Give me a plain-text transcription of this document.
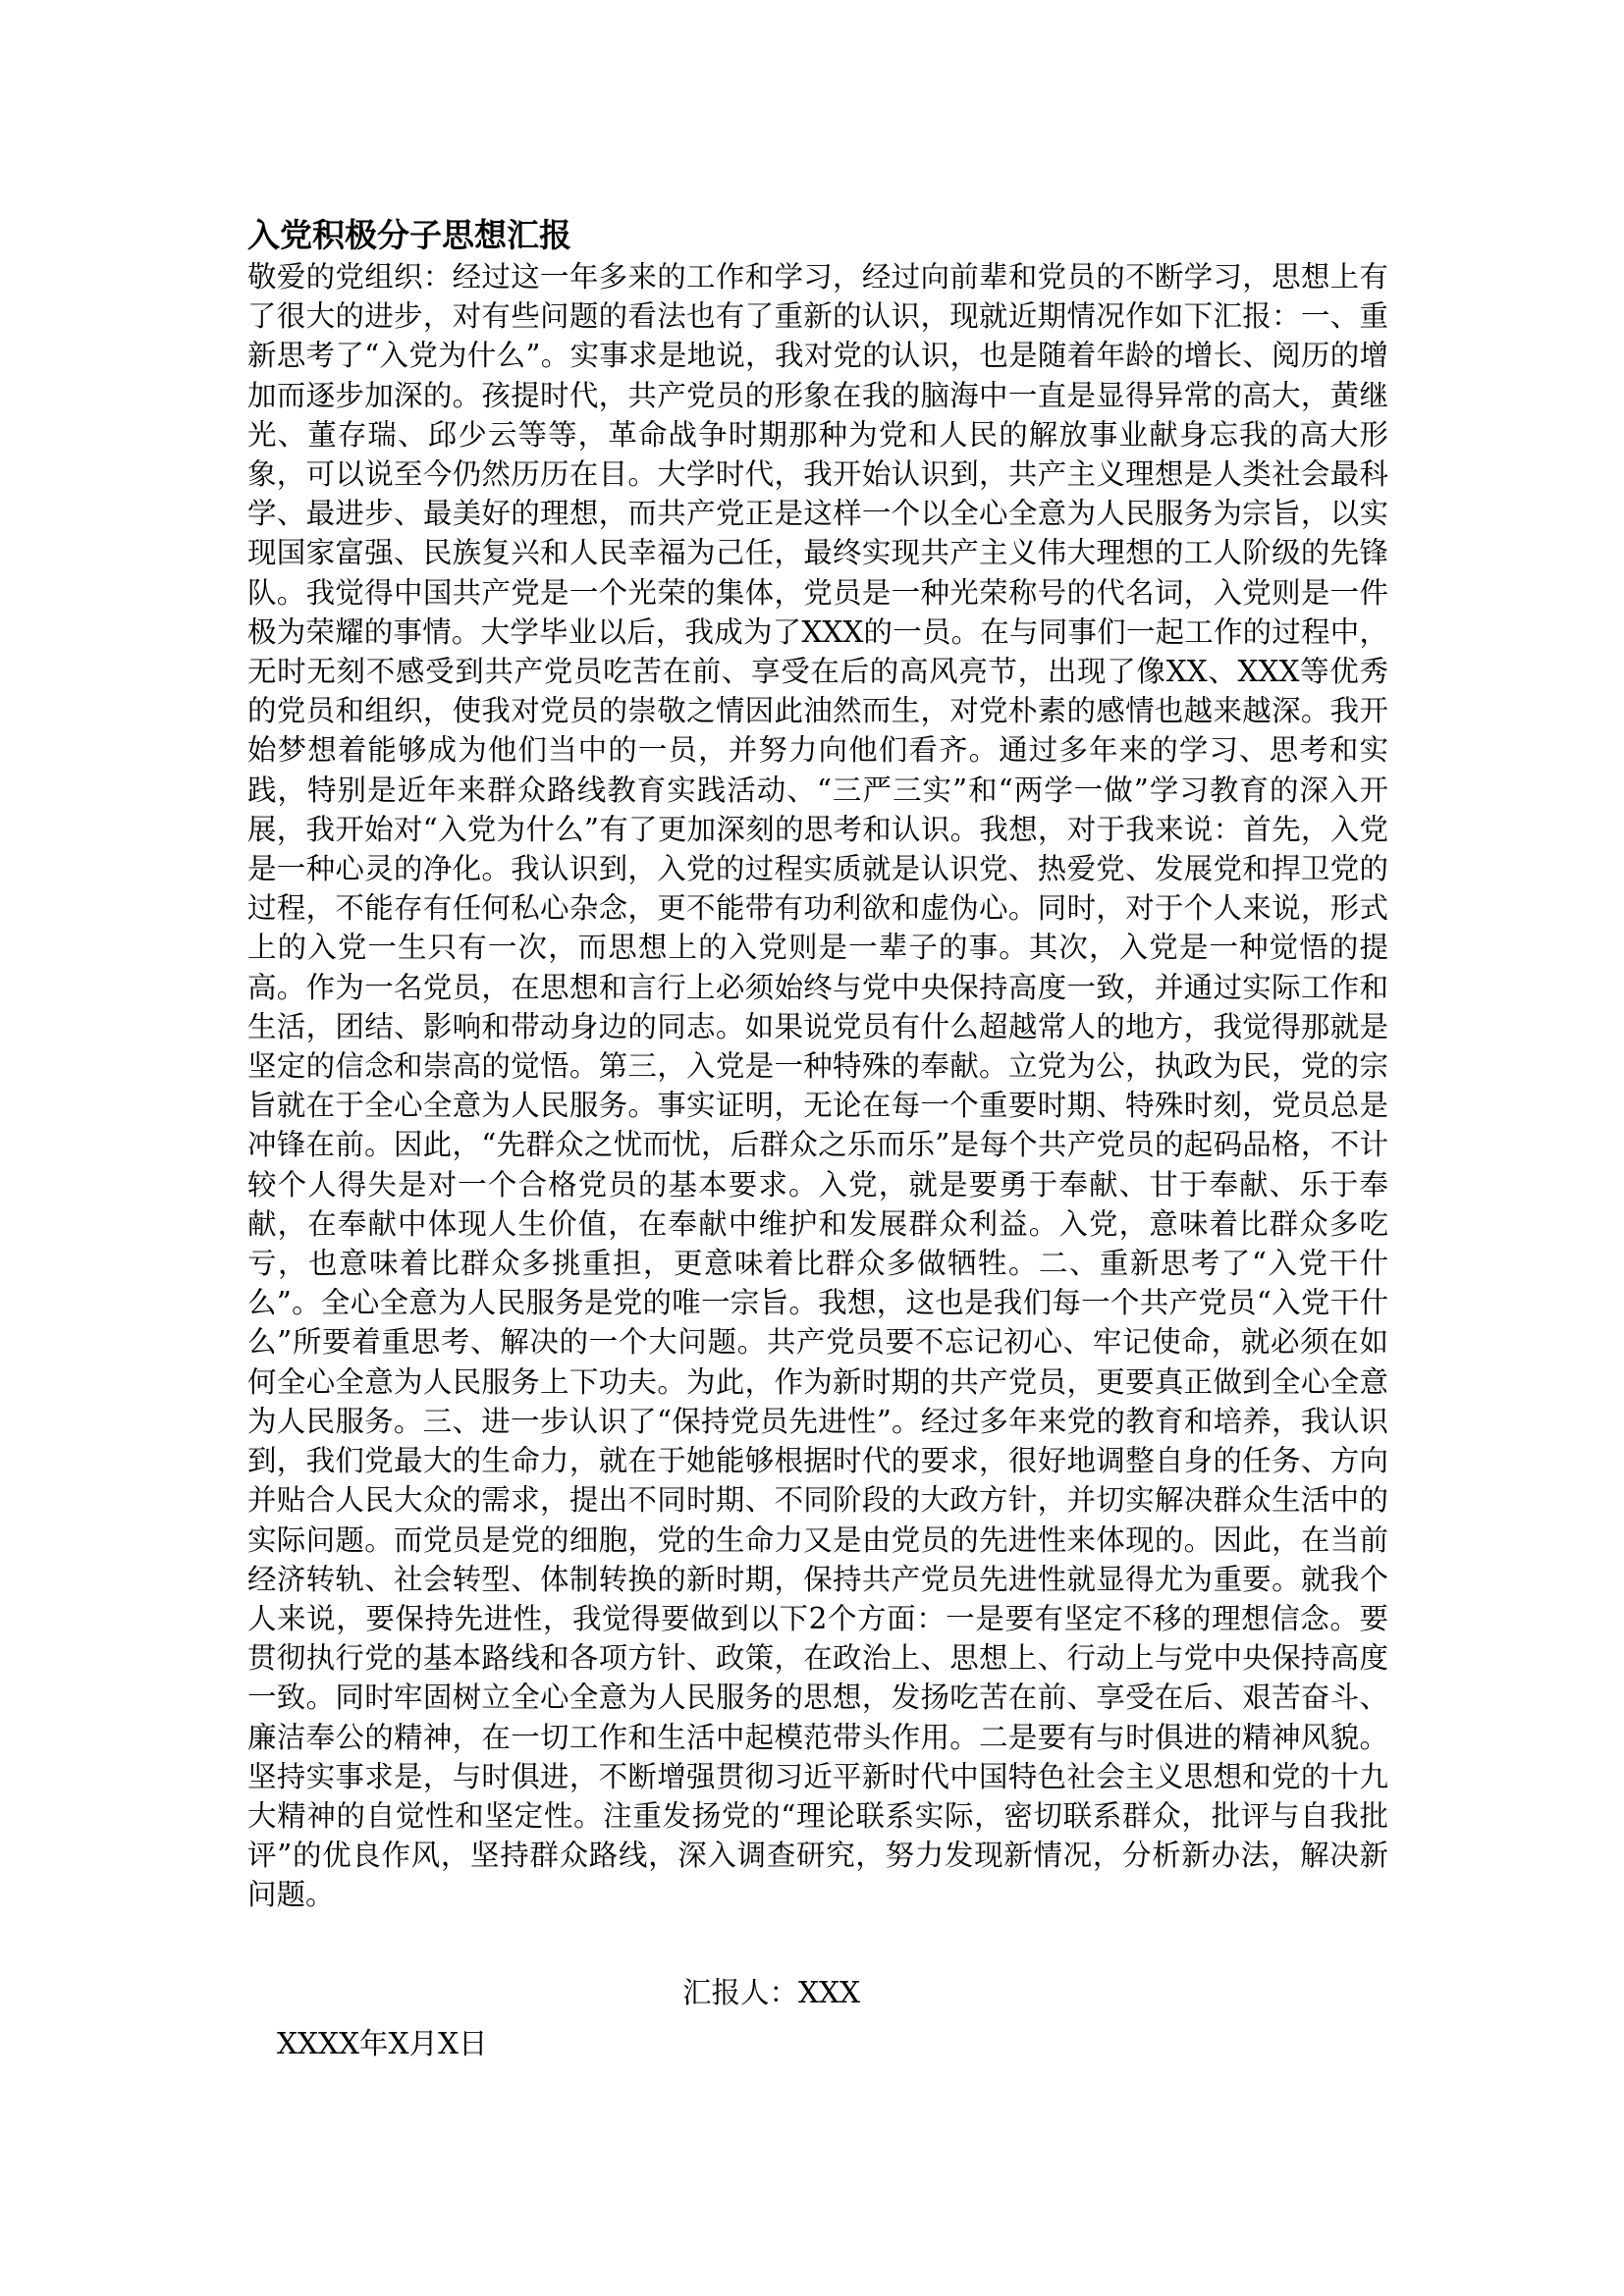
入党积极分子思想汇报

敬爱的党组织：经过这一年多来的工作和学习，经过向前辈和党员的不断学习，思想上有了很大的进步，对有些问题的看法也有了重新的认识，现就近期情况作如下汇报：一、重新思考了“入党为什么”。实事求是地说，我对党的认识，也是随着年龄的增长、阅历的增加而逐步加深的。孩提时代，共产党员的形象在我的脑海中一直是显得异常的高大，黄继光、董存瑞、邱少云等等，革命战争时期那种为党和人民的解放事业献身忘我的高大形象，可以说至今仍然历历在目。大学时代，我开始认识到，共产主义理想是人类社会最科学、最进步、最美好的理想，而共产党正是这样一个以全心全意为人民服务为宗旨，以实现国家富强、民族复兴和人民幸福为己任，最终实现共产主义伟大理想的工人阶级的先锋队。我觉得中国共产党是一个光荣的集体，党员是一种光荣称号的代名词，入党则是一件极为荣耀的事情。大学毕业以后，我成为了XXX的一员。在与同事们一起工作的过程中，无时无刻不感受到共产党员吃苦在前、享受在后的高风亮节，出现了像XX、XXX等优秀的党员和组织，使我对党员的崇敬之情因此油然而生，对党朴素的感情也越来越深。我开始梦想着能够成为他们当中的一员，并努力向他们看齐。通过多年来的学习、思考和实践，特别是近年来群众路线教育实践活动、“三严三实”和“两学一做”学习教育的深入开展，我开始对“入党为什么”有了更加深刻的思考和认识。我想，对于我来说：首先，入党是一种心灵的净化。我认识到，入党的过程实质就是认识党、热爱党、发展党和捍卫党的过程，不能存有任何私心杂念，更不能带有功利欲和虚伪心。同时，对于个人来说，形式上的入党一生只有一次，而思想上的入党则是一辈子的事。其次，入党是一种觉悟的提高。作为一名党员，在思想和言行上必须始终与党中央保持高度一致，并通过实际工作和生活，团结、影响和带动身边的同志。如果说党员有什么超越常人的地方，我觉得那就是坚定的信念和崇高的觉悟。第三，入党是一种特殊的奉献。立党为公，执政为民，党的宗旨就在于全心全意为人民服务。事实证明，无论在每一个重要时期、特殊时刻，党员总是冲锋在前。因此，“先群众之忧而忧，后群众之乐而乐”是每个共产党员的起码品格，不计较个人得失是对一个合格党员的基本要求。入党，就是要勇于奉献、甘于奉献、乐于奉献，在奉献中体现人生价值，在奉献中维护和发展群众利益。入党，意味着比群众多吃亏，也意味着比群众多挑重担，更意味着比群众多做牺牲。二、重新思考了“入党干什么”。全心全意为人民服务是党的唯一宗旨。我想，这也是我们每一个共产党员“入党干什么”所要着重思考、解决的一个大问题。共产党员要不忘记初心、牢记使命，就必须在如何全心全意为人民服务上下功夫。为此，作为新时期的共产党员，更要真正做到全心全意为人民服务。三、进一步认识了“保持党员先进性”。经过多年来党的教育和培养，我认识到，我们党最大的生命力，就在于她能够根据时代的要求，很好地调整自身的任务、方向并贴合人民大众的需求，提出不同时期、不同阶段的大政方针，并切实解决群众生活中的实际问题。而党员是党的细胞，党的生命力又是由党员的先进性来体现的。因此，在当前经济转轨、社会转型、体制转换的新时期，保持共产党员先进性就显得尤为重要。就我个人来说，要保持先进性，我觉得要做到以下2个方面：一是要有坚定不移的理想信念。要贯彻执行党的基本路线和各项方针、政策，在政治上、思想上、行动上与党中央保持高度一致。同时牢固树立全心全意为人民服务的思想，发扬吃苦在前、享受在后、艰苦奋斗、廉洁奉公的精神，在一切工作和生活中起模范带头作用。二是要有与时俱进的精神风貌。坚持实事求是，与时俱进，不断增强贯彻习近平新时代中国特色社会主义思想和党的十九大精神的自觉性和坚定性。注重发扬党的“理论联系实际，密切联系群众，批评与自我批评”的优良作风，坚持群众路线，深入调查研究，努力发现新情况，分析新办法，解决新问题。

汇报人：XXX

XXXX年X月X日
